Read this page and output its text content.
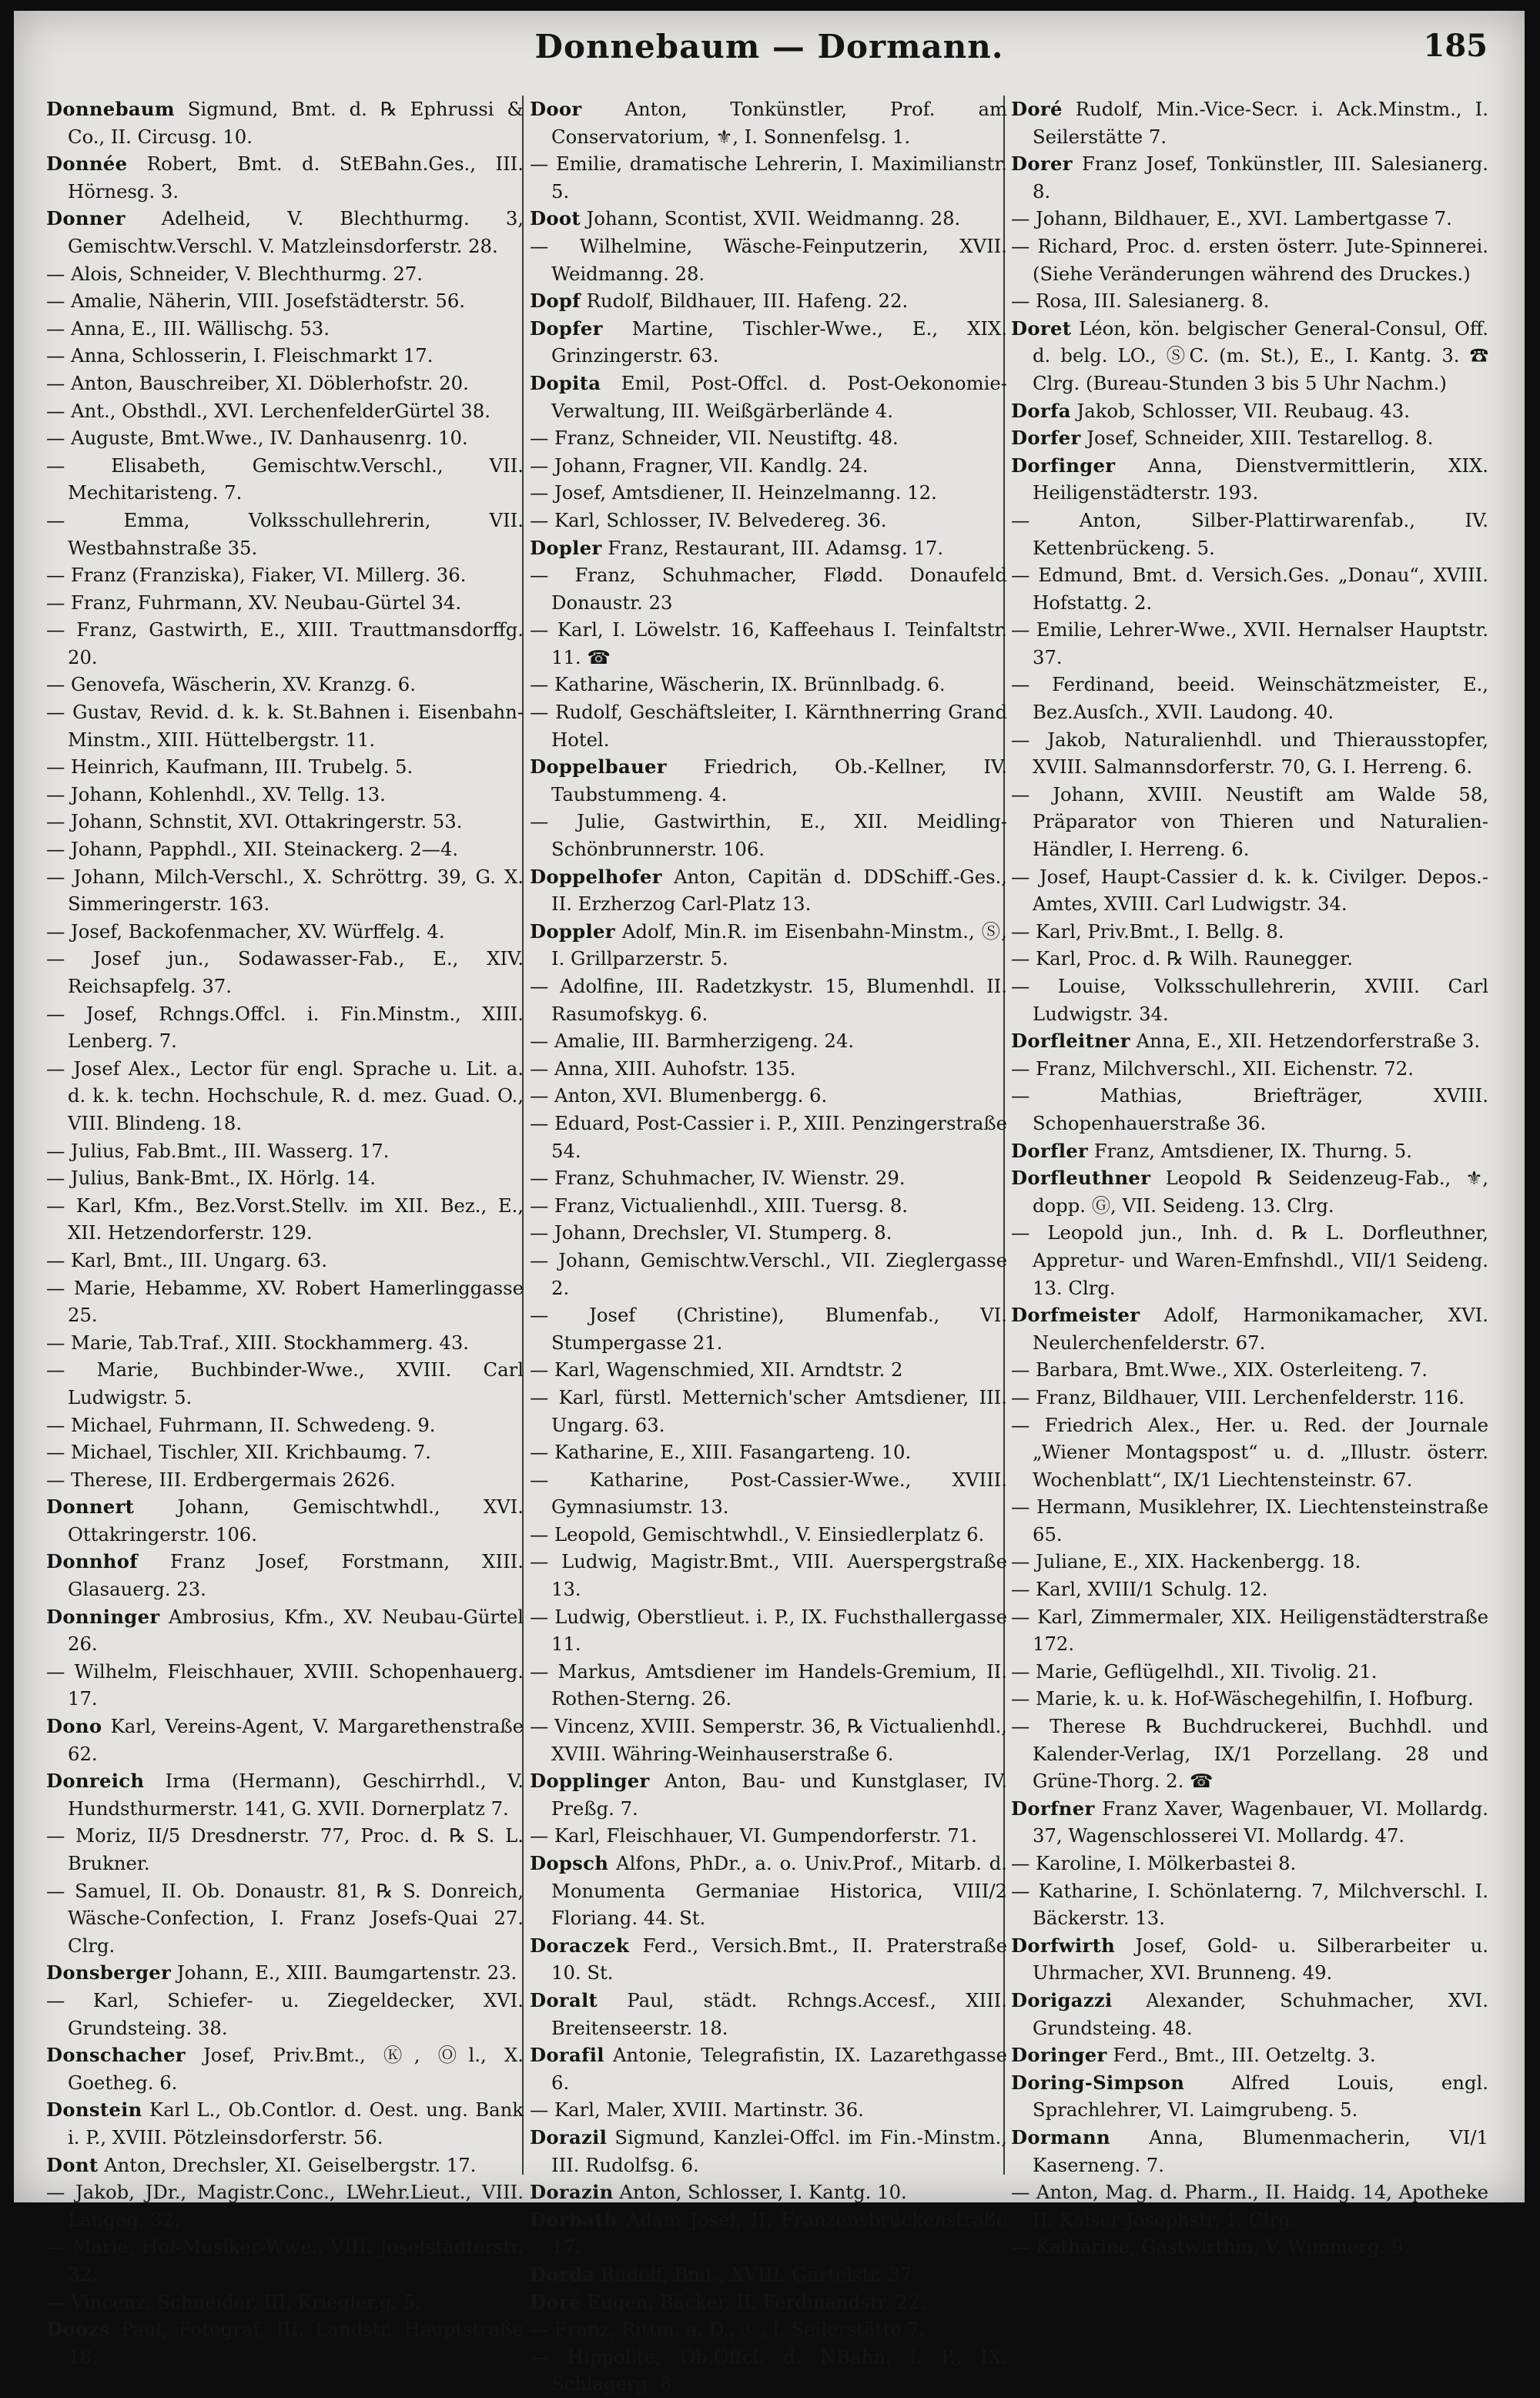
Donnebaum — Dormann.	185

Donnebaum Sigmund, Bmt. d. ℞ Ephrussi & Co., II. Circusg. 10.

Donnée Robert, Bmt. d. StEBahn.Ges., III. Hörnesg. 3.

Donner Adelheid, V. Blechthurmg. 3, Gemischtw.Verschl. V. Matzleinsdorferstr. 28.

— Alois, Schneider, V. Blechthurmg. 27.

— Amalie, Näherin, VIII. Josefstädterstr. 56.

— Anna, E., III. Wällischg. 53.

— Anna, Schlosserin, I. Fleischmarkt 17.

— Anton, Bauschreiber, XI. Döblerhofstr. 20.

— Ant., Obsthdl., XVI. LerchenfelderGürtel 38.

— Auguste, Bmt.Wwe., IV. Danhausenrg. 10.

— Elisabeth, Gemischtw.Verschl., VII. Mechitaristeng. 7.

— Emma, Volksschullehrerin, VII. Westbahnstraße 35.

— Franz (Franziska), Fiaker, VI. Millerg. 36.

— Franz, Fuhrmann, XV. Neubau-Gürtel 34.

— Franz, Gastwirth, E., XIII. Trauttmansdorffg. 20.

— Genovefa, Wäscherin, XV. Kranzg. 6.

— Gustav, Revid. d. k. k. St.Bahnen i. Eisenbahn-Minstm., XIII. Hüttelbergstr. 11.

— Heinrich, Kaufmann, III. Trubelg. 5.

— Johann, Kohlenhdl., XV. Tellg. 13.

— Johann, Schnstit, XVI. Ottakringerstr. 53.

— Johann, Papphdl., XII. Steinackerg. 2—4.

— Johann, Milch-Verschl., X. Schröttrg. 39, G. X. Simmeringerstr. 163.

— Josef, Backofenmacher, XV. Würffelg. 4.

— Josef jun., Sodawasser-Fab., E., XIV. Reichsapfelg. 37.

— Josef, Rchngs.Offcl. i. Fin.Minstm., XIII. Lenberg. 7.

— Josef Alex., Lector für engl. Sprache u. Lit. a. d. k. k. techn. Hochschule, R. d. mez. Guad. O., VIII. Blindeng. 18.

— Julius, Fab.Bmt., III. Wasserg. 17.

— Julius, Bank-Bmt., IX. Hörlg. 14.

— Karl, Kfm., Bez.Vorst.Stellv. im XII. Bez., E., XII. Hetzendorferstr. 129.

— Karl, Bmt., III. Ungarg. 63.

— Marie, Hebamme, XV. Robert Hamerlinggasse 25.

— Marie, Tab.Traf., XIII. Stockhammerg. 43.

— Marie, Buchbinder-Wwe., XVIII. Carl Ludwigstr. 5.

— Michael, Fuhrmann, II. Schwedeng. 9.

— Michael, Tischler, XII. Krichbaumg. 7.

— Therese, III. Erdbergermais 2626.

Donnert Johann, Gemischtwhdl., XVI. Ottakringerstr. 106.

Donnhof Franz Josef, Forstmann, XIII. Glasauerg. 23.

Donninger Ambrosius, Kfm., XV. Neubau-Gürtel 26.

— Wilhelm, Fleischhauer, XVIII. Schopenhauerg. 17.

Dono Karl, Vereins-Agent, V. Margarethenstraße 62.

Donreich Irma (Hermann), Geschirrhdl., V. Hundsthurmerstr. 141, G. XVII. Dornerplatz 7.

— Moriz, II/5 Dresdnerstr. 77, Proc. d. ℞ S. L. Brukner.

— Samuel, II. Ob. Donaustr. 81, ℞ S. Donreich, Wäsche-Confection, I. Franz Josefs-Quai 27. Clrg.

Donsberger Johann, E., XIII. Baumgartenstr. 23.

— Karl, Schiefer- u. Ziegeldecker, XVI. Grundsteing. 38.

Donschacher Josef, Priv.Bmt., Ⓚ, Ⓞl., X. Goetheg. 6.

Donstein Karl L., Ob.Contlor. d. Oest. ung. Bank i. P., XVIII. Pötzleinsdorferstr. 56.

Dont Anton, Drechsler, XI. Geiselbergstr. 17.

— Jakob, JDr., Magistr.Conc., LWehr.Lieut., VIII. Langeg. 32.

— Marie, Hof-Musiker-Wwe., VIII. Josefstädterstr. 32.

— Vincenz, Schneider, III. Kriegler.g. 5.

Doozs Paul, Fotograf, III. Landstr. Hauptstraße 18.

Door Anton, Tonkünstler, Prof. am Conservatorium, ⚜, I. Sonnenfelsg. 1.

— Emilie, dramatische Lehrerin, I. Maximilianstr. 5.

Doot Johann, Scontist, XVII. Weidmanng. 28.

— Wilhelmine, Wäsche-Feinputzerin, XVII. Weidmanng. 28.

Dopf Rudolf, Bildhauer, III. Hafeng. 22.

Dopfer Martine, Tischler-Wwe., E., XIX. Grinzingerstr. 63.

Dopita Emil, Post-Offcl. d. Post-Oekonomie-Verwaltung, III. Weißgärberlände 4.

— Franz, Schneider, VII. Neustiftg. 48.

— Johann, Fragner, VII. Kandlg. 24.

— Josef, Amtsdiener, II. Heinzelmanng. 12.

— Karl, Schlosser, IV. Belvedereg. 36.

Dopler Franz, Restaurant, III. Adamsg. 17.

— Franz, Schuhmacher, Flødd. Donaufeld Donaustr. 23

— Karl, I. Löwelstr. 16, Kaffeehaus I. Teinfaltstr. 11. ☎

— Katharine, Wäscherin, IX. Brünnlbadg. 6.

— Rudolf, Geschäftsleiter, I. Kärnthnerring Grand Hotel.

Doppelbauer Friedrich, Ob.-Kellner, IV. Taubstummeng. 4.

— Julie, Gastwirthin, E., XII. Meidling-Schönbrunnerstr. 106.

Doppelhofer Anton, Capitän d. DDSchiff.-Ges., II. Erzherzog Carl-Platz 13.

Doppler Adolf, Min.R. im Eisenbahn-Minstm., Ⓢ, I. Grillparzerstr. 5.

— Adolfine, III. Radetzkystr. 15, Blumenhdl. II. Rasumofskyg. 6.

— Amalie, III. Barmherzigeng. 24.

— Anna, XIII. Auhofstr. 135.

— Anton, XVI. Blumenbergg. 6.

— Eduard, Post-Cassier i. P., XIII. Penzingerstraße 54.

— Franz, Schuhmacher, IV. Wienstr. 29.

— Franz, Victualienhdl., XIII. Tuersg. 8.

— Johann, Drechsler, VI. Stumperg. 8.

— Johann, Gemischtw.Verschl., VII. Zieglergasse 2.

— Josef (Christine), Blumenfab., VI. Stumpergasse 21.

— Karl, Wagenschmied, XII. Arndtstr. 2

— Karl, fürstl. Metternich'scher Amtsdiener, III. Ungarg. 63.

— Katharine, E., XIII. Fasangarteng. 10.

— Katharine, Post-Cassier-Wwe., XVIII. Gymnasiumstr. 13.

— Leopold, Gemischtwhdl., V. Einsiedlerplatz 6.

— Ludwig, Magistr.Bmt., VIII. Auerspergstraße 13.

— Ludwig, Oberstlieut. i. P., IX. Fuchsthallergasse 11.

— Markus, Amtsdiener im Handels-Gremium, II. Rothen-Sterng. 26.

— Vincenz, XVIII. Semperstr. 36, ℞ Victualienhdl., XVIII. Währing-Weinhauserstraße 6.

Dopplinger Anton, Bau- und Kunstglaser, IV. Preßg. 7.

— Karl, Fleischhauer, VI. Gumpendorferstr. 71.

Dopsch Alfons, PhDr., a. o. Univ.Prof., Mitarb. d. Monumenta Germaniae Historica, VIII/2 Floriang. 44. St.

Doraczek Ferd., Versich.Bmt., II. Praterstraße 10. St.

Doralt Paul, städt. Rchngs.Accesf., XIII. Breitenseerstr. 18.

Dorafil Antonie, Telegrafistin, IX. Lazarethgasse 6.

— Karl, Maler, XVIII. Martinstr. 36.

Dorazil Sigmund, Kanzlei-Offcl. im Fin.-Minstm., III. Rudolfsg. 6.

Dorazin Anton, Schlosser, I. Kantg. 10.

Dorbath Adam Josef, II. Franzensbrückenstraße 17.

Dorda Rudolf, Bmt., XVIII. Gürtelstr. 37.

Doré Eugen, Bäcker, II. Ferdinandstr. 22.

— Franz, Rittm. a. D., Ⓒ, I. Seilerstätte 7.

— Hippolite, Ob.Offcl. d. NBahn. i. P., IX. Schlagerg. 8.

Doré Rudolf, Min.-Vice-Secr. i. Ack.Minstm., I. Seilerstätte 7.

Dorer Franz Josef, Tonkünstler, III. Salesianerg. 8.

— Johann, Bildhauer, E., XVI. Lambertgasse 7.

— Richard, Proc. d. ersten österr. Jute-Spinnerei. (Siehe Veränderungen während des Druckes.)

— Rosa, III. Salesianerg. 8.

Doret Léon, kön. belgischer General-Consul, Off. d. belg. LO., ⓈC. (m. St.), E., I. Kantg. 3. ☎ Clrg. (Bureau-Stunden 3 bis 5 Uhr Nachm.)

Dorfa Jakob, Schlosser, VII. Reubaug. 43.

Dorfer Josef, Schneider, XIII. Testarellog. 8.

Dorfinger Anna, Dienstvermittlerin, XIX. Heiligenstädterstr. 193.

— Anton, Silber-Plattirwarenfab., IV. Kettenbrückeng. 5.

— Edmund, Bmt. d. Versich.Ges. „Donau“, XVIII. Hofstattg. 2.

— Emilie, Lehrer-Wwe., XVII. Hernalser Hauptstr. 37.

— Ferdinand, beeid. Weinschätzmeister, E., Bez.Ausſch., XVII. Laudong. 40.

— Jakob, Naturalienhdl. und Thierausstopfer, XVIII. Salmannsdorferstr. 70, G. I. Herreng. 6.

— Johann, XVIII. Neustift am Walde 58, Präparator von Thieren und Naturalien-Händler, I. Herreng. 6.

— Josef, Haupt-Cassier d. k. k. Civilger. Depos.-Amtes, XVIII. Carl Ludwigstr. 34.

— Karl, Priv.Bmt., I. Bellg. 8.

— Karl, Proc. d. ℞ Wilh. Raunegger.

— Louise, Volksschullehrerin, XVIII. Carl Ludwigstr. 34.

Dorfleitner Anna, E., XII. Hetzendorferstraße 3.

— Franz, Milchverschl., XII. Eichenstr. 72.

— Mathias, Briefträger, XVIII. Schopenhauerstraße 36.

Dorfler Franz, Amtsdiener, IX. Thurng. 5.

Dorfleuthner Leopold ℞ Seidenzeug-Fab., ⚜, dopp. Ⓖ, VII. Seideng. 13. Clrg.

— Leopold jun., Inh. d. ℞ L. Dorfleuthner, Appretur- und Waren-Emfnshdl., VII/1 Seideng. 13. Clrg.

Dorfmeister Adolf, Harmonikamacher, XVI. Neulerchenfelderstr. 67.

— Barbara, Bmt.Wwe., XIX. Osterleiteng. 7.

— Franz, Bildhauer, VIII. Lerchenfelderstr. 116.

— Friedrich Alex., Her. u. Red. der Journale „Wiener Montagspost“ u. d. „Illustr. österr. Wochenblatt“, IX/1 Liechtensteinstr. 67.

— Hermann, Musiklehrer, IX. Liechtensteinstraße 65.

— Juliane, E., XIX. Hackenbergg. 18.

— Karl, XVIII/1 Schulg. 12.

— Karl, Zimmermaler, XIX. Heiligenstädterstraße 172.

— Marie, Geflügelhdl., XII. Tivolig. 21.

— Marie, k. u. k. Hof-Wäschegehilfin, I. Hofburg.

— Therese ℞ Buchdruckerei, Buchhdl. und Kalender-Verlag, IX/1 Porzellang. 28 und Grüne-Thorg. 2. ☎

Dorfner Franz Xaver, Wagenbauer, VI. Mollardg. 37, Wagenschlosserei VI. Mollardg. 47.

— Karoline, I. Mölkerbastei 8.

— Katharine, I. Schönlaterng. 7, Milchverschl. I. Bäckerstr. 13.

Dorfwirth Josef, Gold- u. Silberarbeiter u. Uhrmacher, XVI. Brunneng. 49.

Dorigazzi Alexander, Schuhmacher, XVI. Grundsteing. 48.

Doringer Ferd., Bmt., III. Oetzeltg. 3.

Doring-Simpson Alfred Louis, engl. Sprachlehrer, VI. Laimgrubeng. 5.

Dormann Anna, Blumenmacherin, VI/1 Kaserneng. 7.

— Anton, Mag. d. Pharm., II. Haidg. 14, Apotheke II. Kaiser Josephstr. 1. Clrg.

— Katharine, Gastwirthin, V. Wimmerg. 9.
